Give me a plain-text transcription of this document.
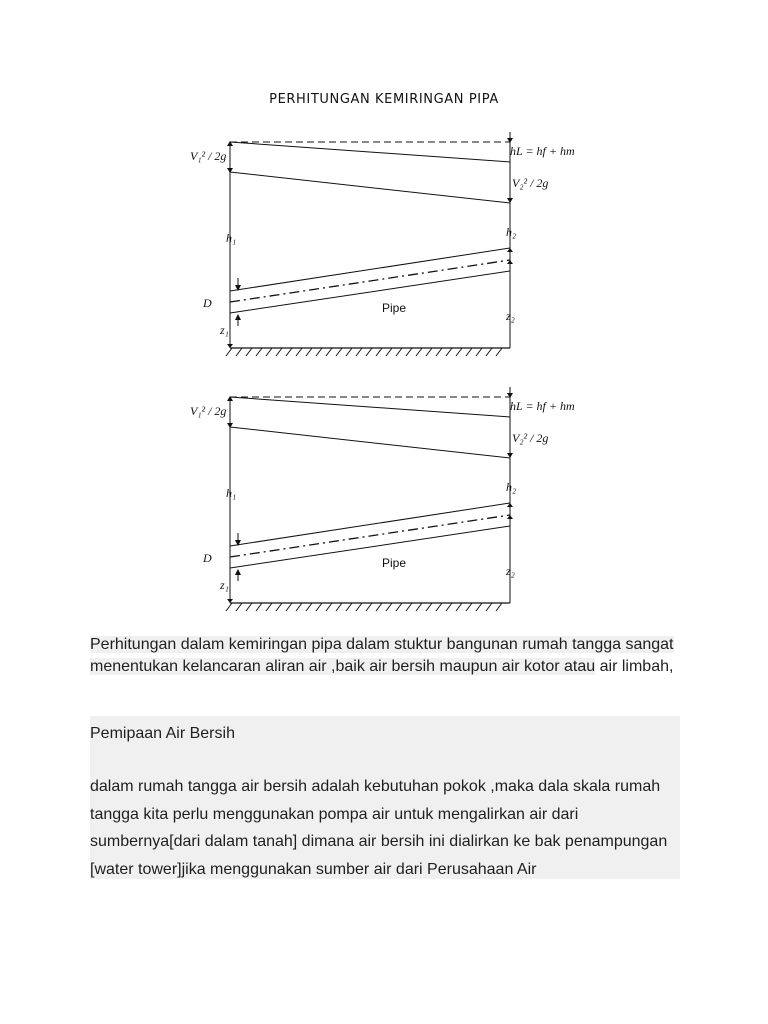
PERHITUNGAN KEMIRINGAN PIPA
V₁² / 2g	hL = hf + hm
V₂² / 2g
h₁	h₂
D	Pipe
z₁
z₂
V₁² / 2g	hL = hf + hm
V₂² / 2g
h₁	h₂
D	Pipe
z₁
z₂
Perhitungan dalam kemiringan pipa dalam stuktur bangunan rumah tangga sangat menentukan kelancaran aliran air ,baik air bersih maupun air kotor atau air limbah,
Pemipaan Air Bersih
dalam rumah tangga air bersih adalah kebutuhan pokok ,maka dala skala rumah tangga kita perlu menggunakan pompa air untuk mengalirkan air dari sumbernya[dari dalam tanah] dimana air bersih ini dialirkan ke bak penampungan [water tower]jika menggunakan sumber air dari Perusahaan Air
